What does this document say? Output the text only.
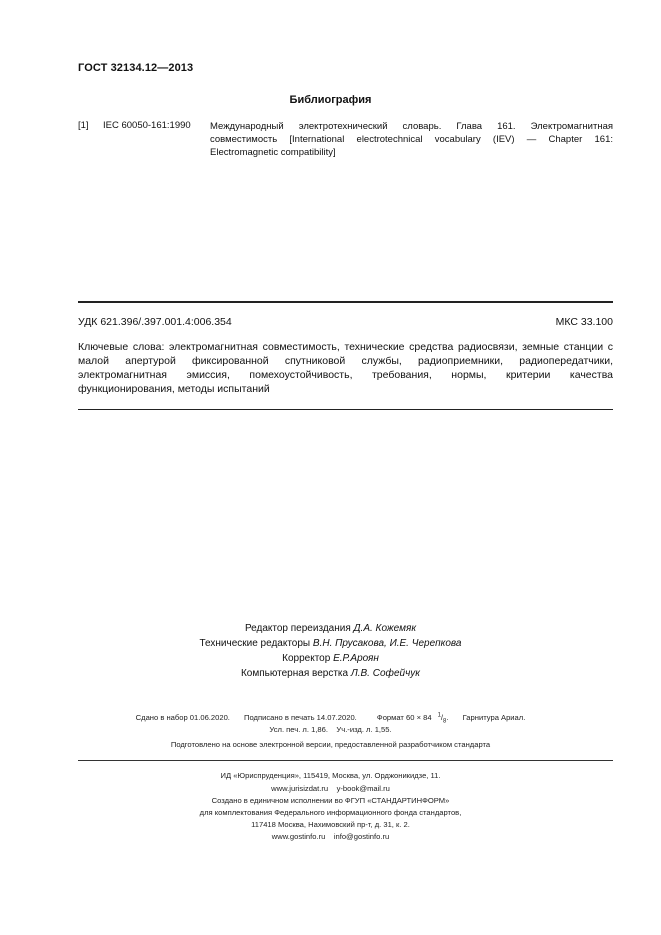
ГОСТ 32134.12—2013
Библиография
[1] IEC 60050-161:1990 Международный электротехнический словарь. Глава 161. Электромагнитная совместимость [International electrotechnical vocabulary (IEV) — Chapter 161: Electromagnetic compatibility]
УДК 621.396/.397.001.4:006.354	МКС 33.100
Ключевые слова: электромагнитная совместимость, технические средства радиосвязи, земные станции с малой апертурой фиксированной спутниковой службы, радиоприемники, радиопередатчики, электромагнитная эмиссия, помехоустойчивость, требования, нормы, критерии качества функционирования, методы испытаний
Редактор переиздания Д.А. Кожемяк
Технические редакторы В.Н. Прусакова, И.Е. Черепкова
Корректор Е.Р.Ароян
Компьютерная верстка Л.В. Софейчук
Сдано в набор 01.06.2020. Подписано в печать 14.07.2020.	Формат 60 × 84 $^1/_8$. Гарнитура Ариал.
Усл. печ. л. 1,86. Уч.-изд. л. 1,55.
Подготовлено на основе электронной версии, предоставленной разработчиком стандарта
ИД «Юриспруденция», 115419, Москва, ул. Орджоникидзе, 11.
www.jurisizdat.ru y-book@mail.ru
Создано в единичном исполнении во ФГУП «СТАНДАРТИНФОРМ»
для комплектования Федерального информационного фонда стандартов,
117418 Москва, Нахимовский пр-т, д. 31, к. 2.
www.gostinfo.ru info@gostinfo.ru
